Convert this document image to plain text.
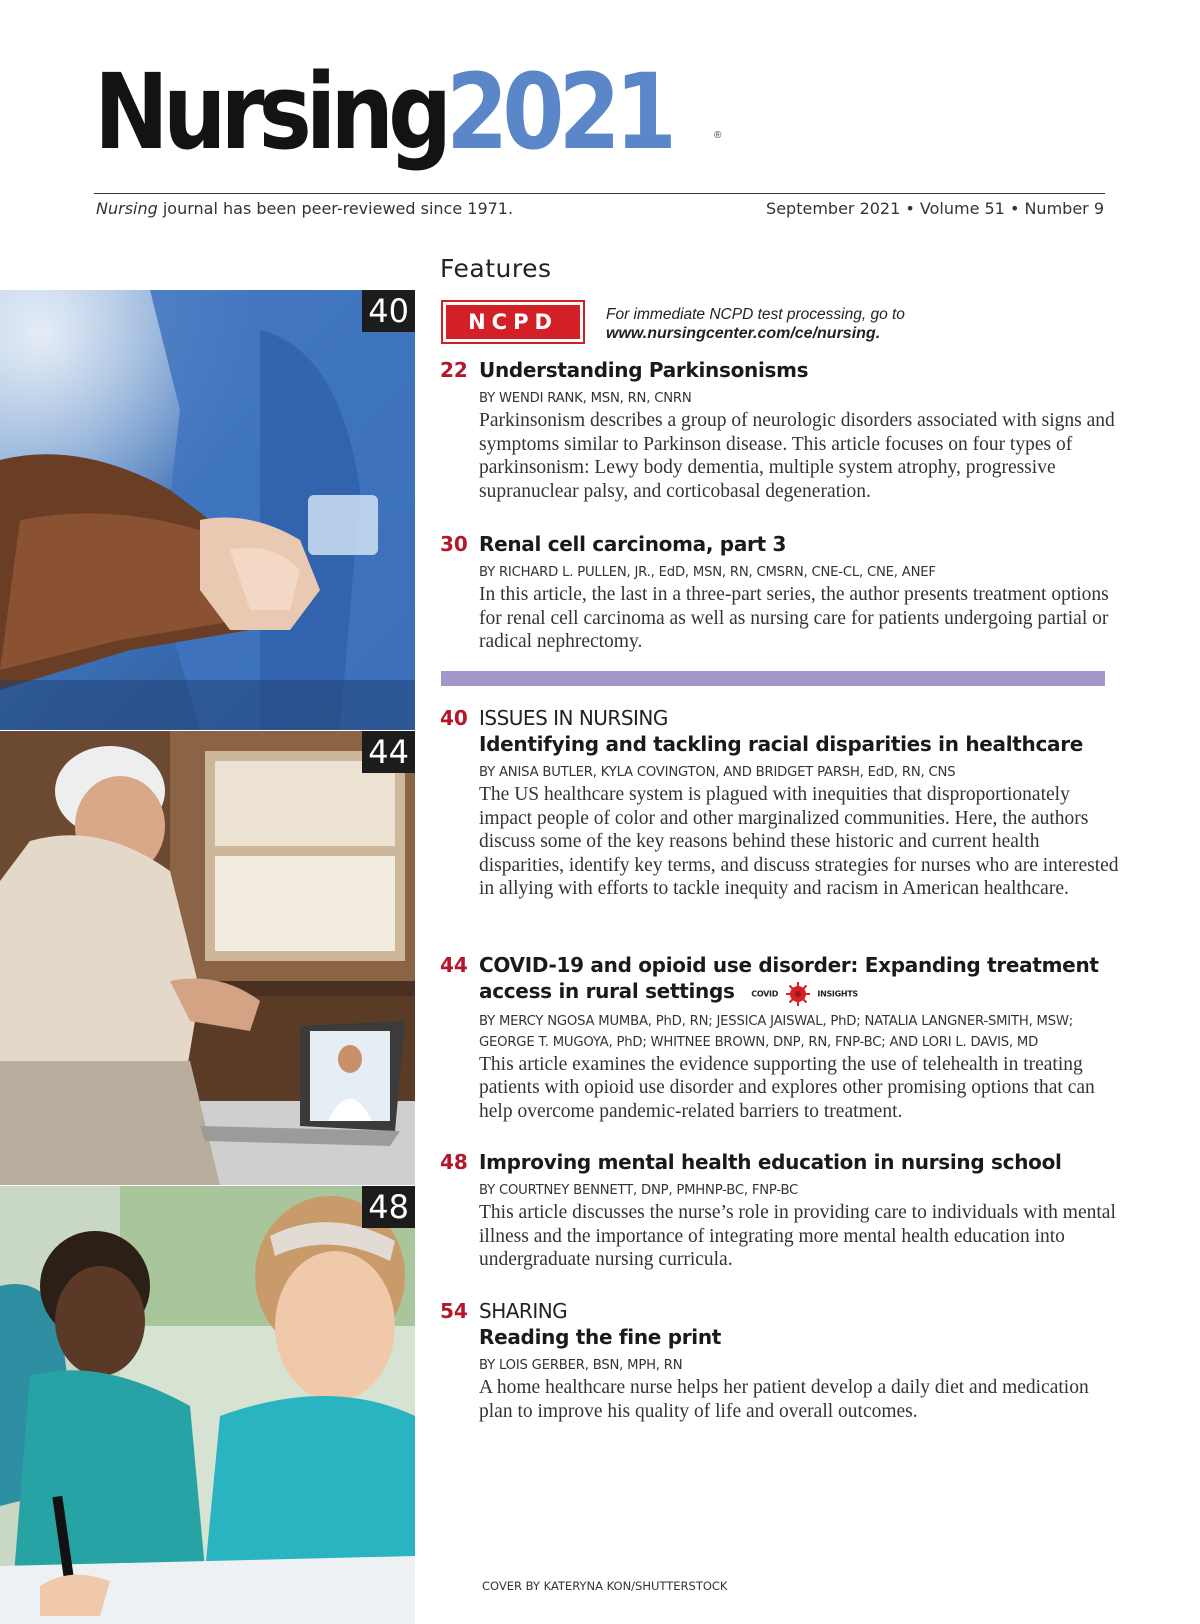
Nursing2021	®
Nursing journal has been peer-reviewed since 1971.	September 2021 • Volume 51 • Number 9
Features
40
44
48
NCPD	For immediate NCPD test processing, go to
www.nursingcenter.com/ce/nursing.
22 Understanding Parkinsonisms
BY WENDI RANK, MSN, RN, CNRN
Parkinsonism describes a group of neurologic disorders associated with signs and symptoms similar to Parkinson disease. This article focuses on four types of parkinsonism: Lewy body dementia, multiple system atrophy, progressive supranuclear palsy, and corticobasal degeneration.
30 Renal cell carcinoma, part 3
BY RICHARD L. PULLEN, JR., EdD, MSN, RN, CMSRN, CNE-CL, CNE, ANEF
In this article, the last in a three-part series, the author presents treatment options for renal cell carcinoma as well as nursing care for patients undergoing partial or radical nephrectomy.
40 ISSUES IN NURSING
Identifying and tackling racial disparities in healthcare
BY ANISA BUTLER, KYLA COVINGTON, AND BRIDGET PARSH, EdD, RN, CNS
The US healthcare system is plagued with inequities that disproportionately impact people of color and other marginalized communities. Here, the authors discuss some of the key reasons behind these historic and current health disparities, identify key terms, and discuss strategies for nurses who are interested in allying with efforts to tackle inequity and racism in American healthcare.
44 COVID-19 and opioid use disorder: Expanding treatment
access in rural settings COVID	INSIGHTS
BY MERCY NGOSA MUMBA, PhD, RN; JESSICA JAISWAL, PhD; NATALIA LANGNER-SMITH, MSW;
GEORGE T. MUGOYA, PhD; WHITNEE BROWN, DNP, RN, FNP-BC; AND LORI L. DAVIS, MD
This article examines the evidence supporting the use of telehealth in treating patients with opioid use disorder and explores other promising options that can help overcome pandemic-related barriers to treatment.
48 Improving mental health education in nursing school
BY COURTNEY BENNETT, DNP, PMHNP-BC, FNP-BC
This article discusses the nurse’s role in providing care to individuals with mental illness and the importance of integrating more mental health education into undergraduate nursing curricula.
54 SHARING
Reading the fine print
BY LOIS GERBER, BSN, MPH, RN
A home healthcare nurse helps her patient develop a daily diet and medication plan to improve his quality of life and overall outcomes.
COVER BY KATERYNA KON/SHUTTERSTOCK
